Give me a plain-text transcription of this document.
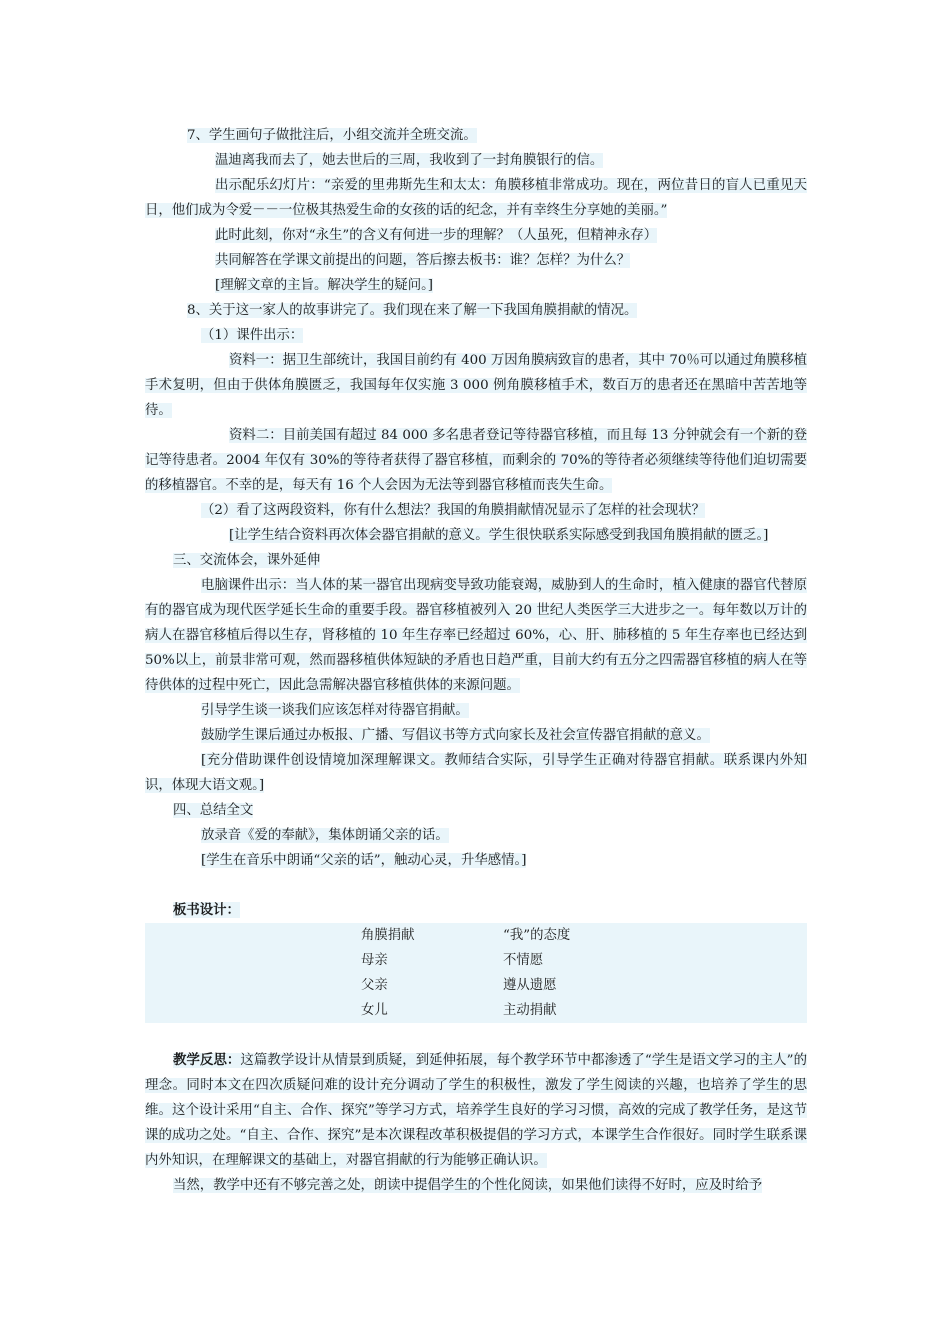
7、学生画句子做批注后，小组交流并全班交流。

温迪离我而去了，她去世后的三周，我收到了一封角膜银行的信。

出示配乐幻灯片：“亲爱的里弗斯先生和太太：角膜移植非常成功。现在，两位昔日的盲人已重见天日，他们成为令爱－－一位极其热爱生命的女孩的话的纪念，并有幸终生分享她的美丽。”

此时此刻，你对“永生”的含义有何进一步的理解？（人虽死，但精神永存）

共同解答在学课文前提出的问题，答后擦去板书：谁？怎样？为什么？

[理解文章的主旨。解决学生的疑问。]

8、关于这一家人的故事讲完了。我们现在来了解一下我国角膜捐献的情况。

（1）课件出示：

资料一：据卫生部统计，我国目前约有 400 万因角膜病致盲的患者，其中 70％可以通过角膜移植手术复明，但由于供体角膜匮乏，我国每年仅实施 3 000 例角膜移植手术，数百万的患者还在黑暗中苦苦地等待。

资料二：目前美国有超过 84 000 多名患者登记等待器官移植，而且每 13 分钟就会有一个新的登记等待患者。2004 年仅有 30%的等待者获得了器官移植，而剩余的 70%的等待者必须继续等待他们迫切需要的移植器官。不幸的是，每天有 16 个人会因为无法等到器官移植而丧失生命。

（2）看了这两段资料，你有什么想法？我国的角膜捐献情况显示了怎样的社会现状？

[让学生结合资料再次体会器官捐献的意义。学生很快联系实际感受到我国角膜捐献的匮乏。]

三、交流体会，课外延伸

电脑课件出示：当人体的某一器官出现病变导致功能衰竭，威胁到人的生命时，植入健康的器官代替原有的器官成为现代医学延长生命的重要手段。器官移植被列入 20 世纪人类医学三大进步之一。每年数以万计的病人在器官移植后得以生存，肾移植的 10 年生存率已经超过 60%，心、肝、肺移植的 5 年生存率也已经达到 50%以上，前景非常可观，然而器移植供体短缺的矛盾也日趋严重，目前大约有五分之四需器官移植的病人在等待供体的过程中死亡，因此急需解决器官移植供体的来源问题。

引导学生谈一谈我们应该怎样对待器官捐献。

鼓励学生课后通过办板报、广播、写倡议书等方式向家长及社会宣传器官捐献的意义。

[充分借助课件创设情境加深理解课文。教师结合实际，引导学生正确对待器官捐献。联系课内外知识，体现大语文观。]

四、总结全文

放录音《爱的奉献》，集体朗诵父亲的话。

[学生在音乐中朗诵“父亲的话”，触动心灵，升华感情。]

板书设计：

角膜捐献	“我”的态度
母亲	不情愿
父亲	遵从遗愿
女儿	主动捐献

教学反思：这篇教学设计从情景到质疑，到延伸拓展，每个教学环节中都渗透了“学生是语文学习的主人”的理念。同时本文在四次质疑问难的设计充分调动了学生的积极性，激发了学生阅读的兴趣，也培养了学生的思维。这个设计采用“自主、合作、探究”等学习方式，培养学生良好的学习习惯，高效的完成了教学任务，是这节课的成功之处。“自主、合作、探究”是本次课程改革积极提倡的学习方式，本课学生合作很好。同时学生联系课内外知识，在理解课文的基础上，对器官捐献的行为能够正确认识。

当然，教学中还有不够完善之处，朗读中提倡学生的个性化阅读，如果他们读得不好时，应及时给予
